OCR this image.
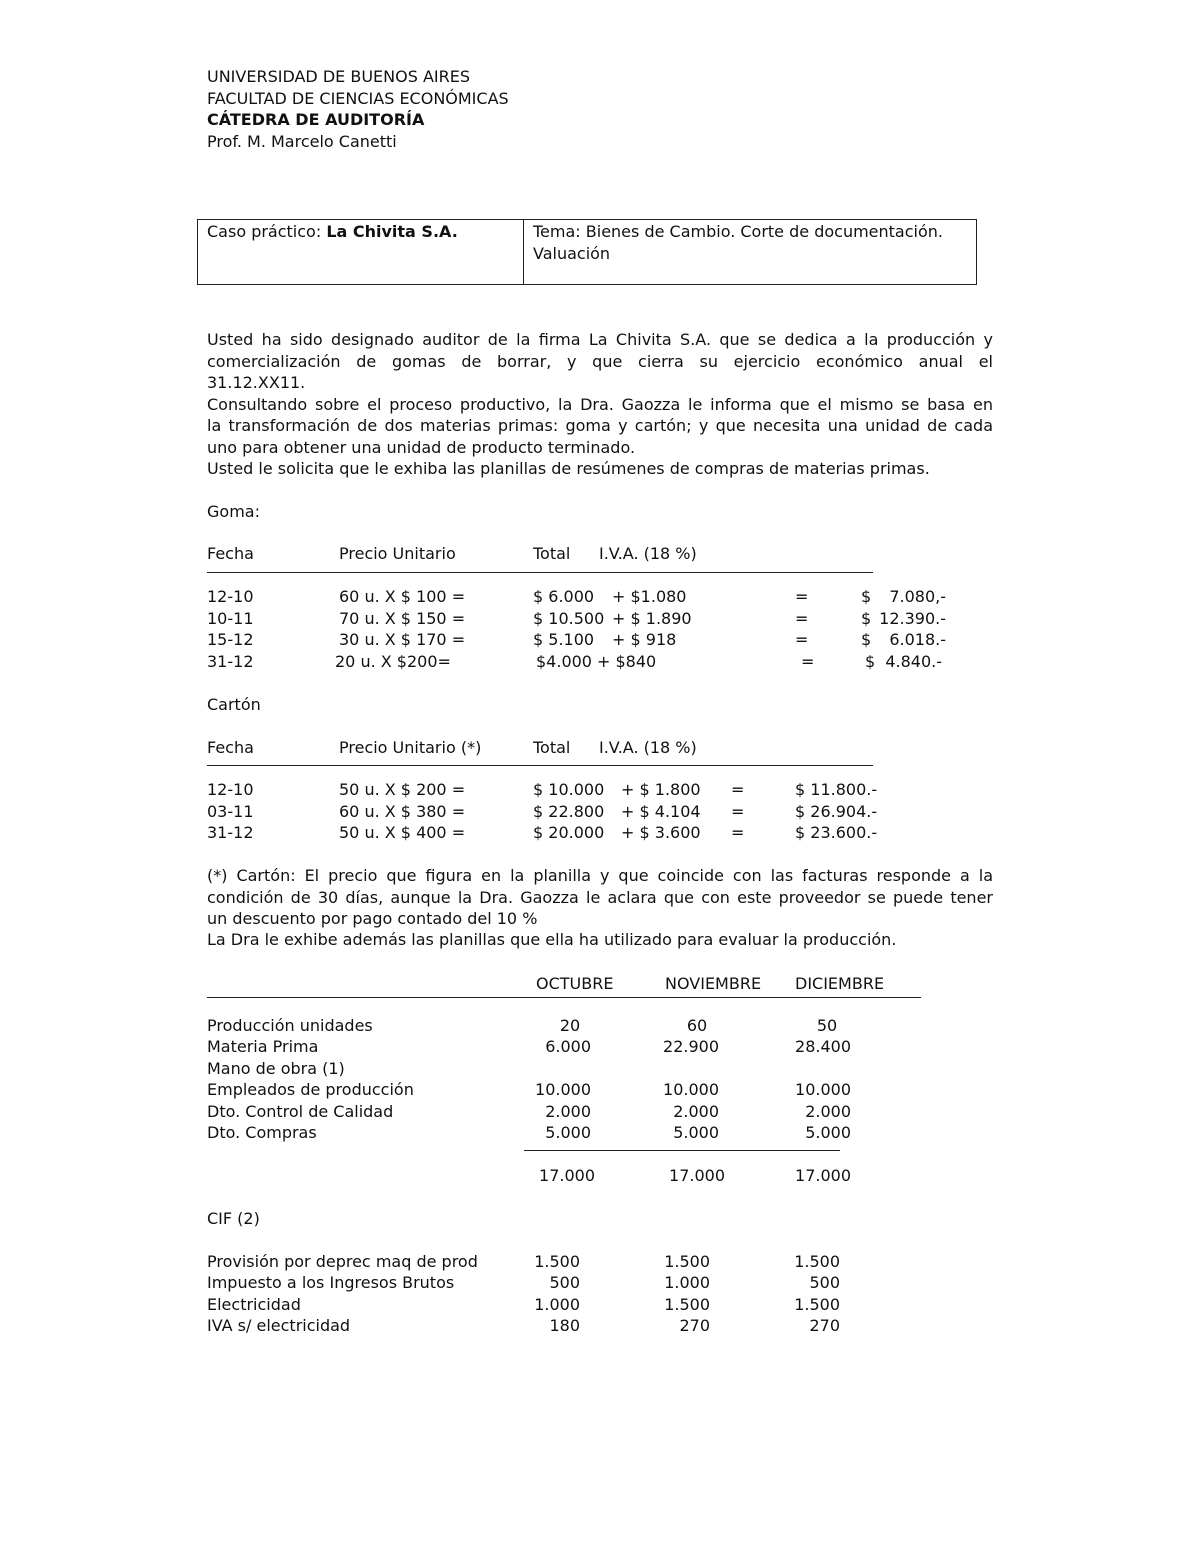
UNIVERSIDAD DE BUENOS AIRES
FACULTAD DE CIENCIAS ECONÓMICAS
CÁTEDRA DE AUDITORÍA
Prof. M. Marcelo Canetti
Caso práctico: La Chivita S.A.	Tema: Bienes de Cambio. Corte de documentación.
Valuación
Usted ha sido designado auditor de la firma La Chivita S.A. que se dedica a la producción y
comercialización de gomas de borrar, y que cierra su ejercicio económico anual el
31.12.XX11.
Consultando sobre el proceso productivo, la Dra. Gaozza le informa que el mismo se basa en
la transformación de dos materias primas: goma y cartón; y que necesita una unidad de cada
uno para obtener una unidad de producto terminado.
Usted le solicita que le exhiba las planillas de resúmenes de compras de materias primas.
Goma:
Fecha	Precio Unitario	Total I.V.A. (18 %)
12-10	60 u. X $ 100 =	$ 6.000 + $1.080	=	$	7.080,-
10-11	70 u. X $ 150 =	$ 10.500 + $ 1.890	=	$ 12.390.-
15-12	30 u. X $ 170 =	$ 5.100 + $ 918	=	$	6.018.-
31-12	20 u. X $200=	$4.000 + $840	=	$ 4.840.-
Cartón
Fecha	Precio Unitario (*)	Total I.V.A. (18 %)
12-10	50 u. X $ 200 =	$ 10.000 + $ 1.800 =	$ 11.800.-
03-11	60 u. X $ 380 =	$ 22.800 + $ 4.104 =	$ 26.904.-
31-12	50 u. X $ 400 =	$ 20.000 + $ 3.600 =	$ 23.600.-
(*) Cartón: El precio que figura en la planilla y que coincide con las facturas responde a la
condición de 30 días, aunque la Dra. Gaozza le aclara que con este proveedor se puede tener
un descuento por pago contado del 10 %
La Dra le exhibe además las planillas que ella ha utilizado para evaluar la producción.
OCTUBRE	NOVIEMBRE DICIEMBRE
Producción unidades	20	60	50
Materia Prima	6.000	22.900	28.400
Mano de obra (1)
Empleados de producción	10.000	10.000	10.000
Dto. Control de Calidad	2.000	2.000	2.000
Dto. Compras	5.000	5.000	5.000
17.000	17.000	17.000
CIF (2)
Provisión por deprec maq de prod	1.500	1.500	1.500
Impuesto a los Ingresos Brutos	500	1.000	500
Electricidad	1.000	1.500	1.500
IVA s/ electricidad	180	270	270
